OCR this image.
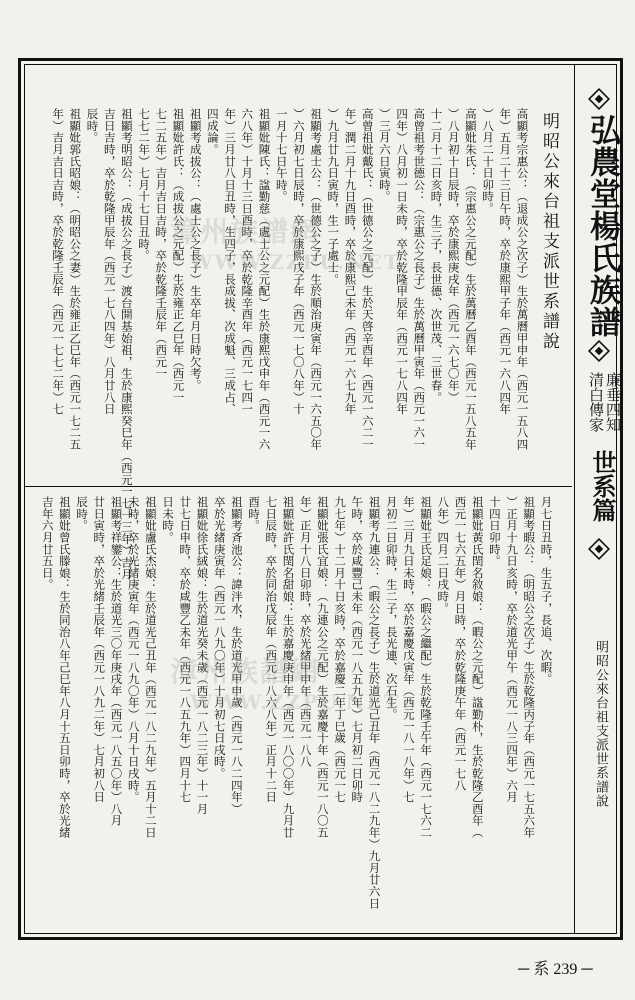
弘農堂楊氏族譜
廉垂四知
清白傳家
世系篇
明昭公來台祖支派世系譜說
明昭公來台祖支派世系譜說
高顯考宗惠公：（退成公之次子）生於萬曆甲申年（西元一五八四
年）五月二十三日午時，卒於康熙甲子年（西元一六八四年
）八月二十日卯時。
高顯妣朱氏：（宗惠公之元配）生於萬曆乙酉年（西元一五八五年
）八月初十日辰時，卒於康熙庚戌年（西元一六七〇年）
十二月十二日亥時，生三子，長世德、次世茂、三世春。
高曾祖考世德公：（宗惠公之長子）生於萬曆甲寅年（西元一六一
四年）八月初一日未時，卒於乾隆甲辰年（西元一七八四年
）三月六日寅時。
高曾祖妣戴氏：（世德公之元配）生於天啓辛酉年（西元一六二一
年）潤二月十九日酉時，卒於康熙己未年（西元一六七九年
）九月廿九日寅時，生一子處士。
祖顯考處士公：（世德公之子）生於順治庚寅年（西元一六五〇年
）六月初七日辰時，卒於康熙戊子年（西元一七〇八年）十
一月十七日午時。
祖顯妣陳氏：諡勤慈（處士公之元配）生於康熙戊申年（西元一六
六八年）十月十三日酉時，卒於乾隆辛酉年（西元一七四一
年）三月廿八日丑時，生四子，長成拔、次成魁、三成占、
四成論。
祖顯考成拔公：（處士公之長子）生卒年月日時欠考。
祖顯妣許氏：（成拔公之元配）生於雍正乙巳年（西元一
七二五年）吉月吉日吉時，卒於乾隆壬辰年（西元一
七七二年）七月十七日丑時。
祖顯考明昭公：（成拔公之長子）渡台開基始祖，生於康熙癸巳年（西元一七一三年）吉月
吉日吉時，卒於乾隆甲辰年（西元一七八四年）八月廿八日
辰時。
祖顯妣郭氏昭娘：（明昭公之妻）生於雍正乙巳年（西元一七二五
年）吉月吉日吉時，卒於乾隆壬辰年（西元一七七二年）七
月七日丑時，生五子，長追、次暇。
祖顯考暇公：（明昭公之次子）生於乾隆丙子年（西元一七五六年
）正月十九日亥時，卒於道光甲午（西元一八三四年）六月
十四日卯時。
祖顯妣黃氏閏名敘娘：（暇公之元配）諡勤朴，生於乾隆乙酉年（
西元一七六五年）月日時，卒於乾隆庚午年（西元一七八
八年）四月二日戌時。
祖顯妣王氏足娘：（暇公之繼配）生於乾隆壬午年（西元一七六二
年）三月九日未時，卒於嘉慶戊寅年（西元一八一八年）七
月初二日卯時，生二子，長光連、次石生。
祖顯考九連公：（暇公之長子）生於道光己丑年（西元一八二九年）九月廿六日
午時，卒於咸豐己未年（西元一八五九年）七月初二日卯時
九七年）十二月十日亥時，卒於嘉慶二年丁巳歲（西元一七
祖顯妣張氏宜娘：（九連公之元配）生於嘉慶十年（西元一八〇五
年）正月十八日卯時，卒於光緒甲申年（西元一八八
祖顯妣許氏閏名甜娘：生於嘉慶庚申年（西元一八〇〇年）九月廿
七日辰時，卒於同治戊辰年（西元一八六八年）正月十二日
酉時。
祖顯考斉池公：諱泮水，生於道光甲申歲（西元一八二四年）
卒於光緒庚寅年（西元一八九〇年）十月初七日戌時。
祖顯妣徐氏絨娘：生於道光癸未歲（西元一八二三年）十一月
廿七日申時，卒於咸豐乙未年（西元一八五九年）四月十七
日未時。
祖顯妣盧氏杰娘：生於道光己丑年（西元一八二九年）五月十二日
未時，卒於光緒庚寅年（西元一八九〇年）八月十日戌時。
祖顯考祥鑾公：生於道光三〇年庚戌年（西元一八五〇年）八月
廿日寅時，卒於光緒壬辰年（西元一八九二年）七月初八日
辰時。
祖顯妣曾氏滕娘：生於同治八年己巳年八月十五日卯時，卒於光緒
吉年六月廿五日。
漳州族譜網
WWW.ZZPU.NET
漳州族譜網
WWW.ZZPU.NET
─ 系 239 ─
